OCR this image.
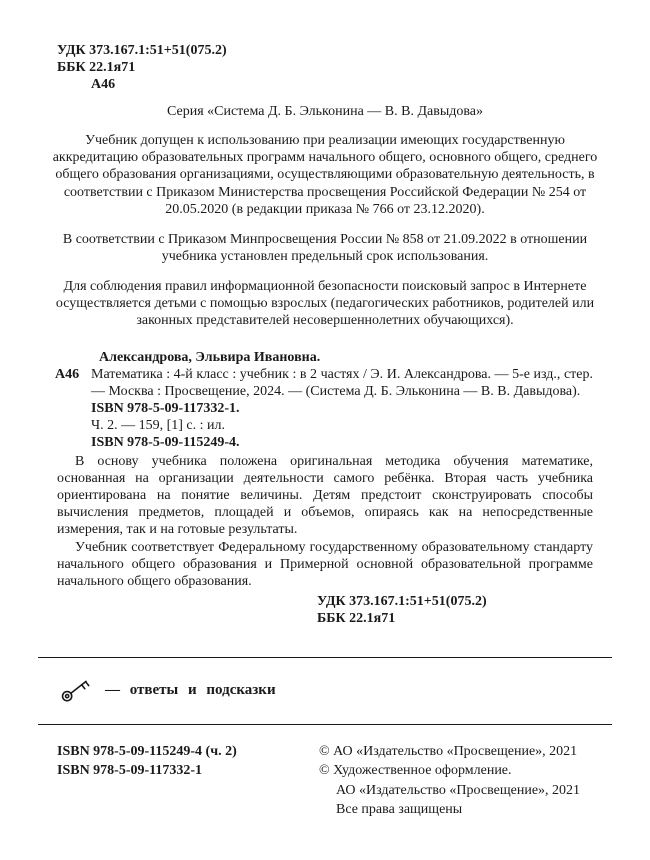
УДК 373.167.1:51+51(075.2)
ББК 22.1я71
А46
Серия «Система Д. Б. Эльконина — В. В. Давыдова»

Учебник допущен к использованию при реализации имеющих государственную аккредитацию образовательных программ начального общего, основного общего, среднего общего образования организациями, осуществляющими образовательную деятельность, в соответствии с Приказом Министерства просвещения Российской Федерации № 254 от 20.05.2020 (в редакции приказа № 766 от 23.12.2020).

В соответствии с Приказом Минпросвещения России № 858 от 21.09.2022 в отношении учебника установлен предельный срок использования.

Для соблюдения правил информационной безопасности поисковый запрос в Интернете осуществляется детьми с помощью взрослых (педагогических работников, родителей или законных представителей несовершеннолетних обучающихся).

А46

Александрова, Эльвира Ивановна.

Математика : 4-й класс : учебник : в 2 частях / Э. И. Александрова. — 5-е изд., стер. — Москва : Просвещение, 2024. — (Система Д. Б. Эльконина — В. В. Давыдова).

ISBN 978-5-09-117332-1.

Ч. 2. — 159, [1] с. : ил.

ISBN 978-5-09-115249-4.

В основу учебника положена оригинальная методика обучения математике, основанная на организации деятельности самого ребёнка. Вторая часть учебника ориентирована на понятие величины. Детям предстоит сконструировать способы вычисления предметов, площадей и объемов, опираясь как на непосредственные измерения, так и на готовые результаты.

Учебник соответствует Федеральному государственному образовательному стандарту начального общего образования и Примерной основной образовательной программе начального общего образования.

УДК 373.167.1:51+51(075.2)
ББК 22.1я71
— ответы и подсказки
ISBN 978-5-09-115249-4 (ч. 2)
ISBN 978-5-09-117332-1
© АО «Издательство «Просвещение», 2021
© Художественное оформление.
АО «Издательство «Просвещение», 2021
Все права защищены
